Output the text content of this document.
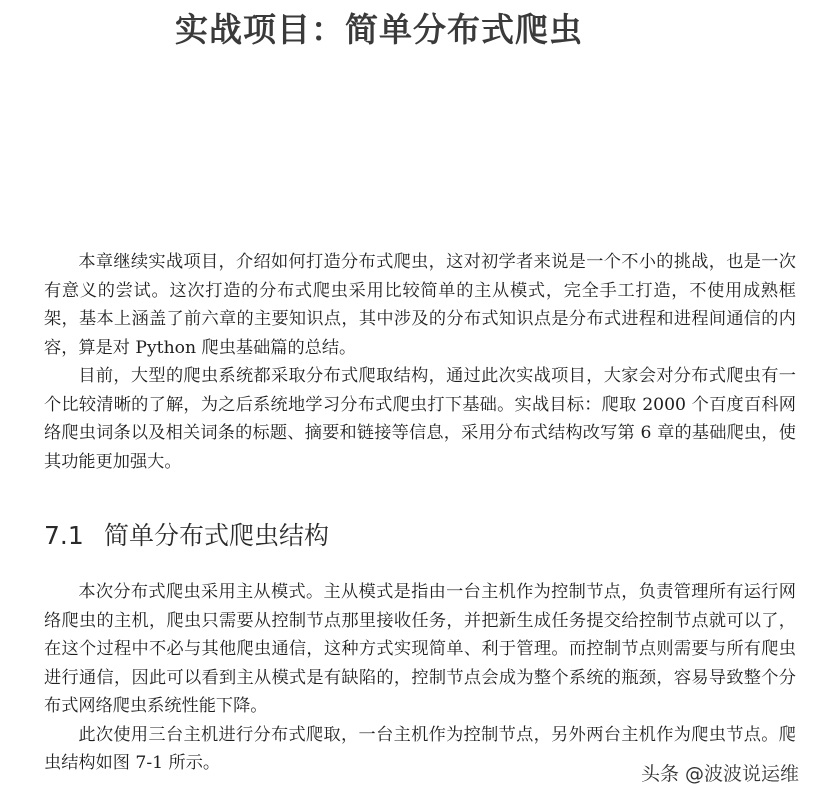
实战项目：简单分布式爬虫

本章继续实战项目，介绍如何打造分布式爬虫，这对初学者来说是一个不小的挑战，也是一次有意义的尝试。这次打造的分布式爬虫采用比较简单的主从模式，完全手工打造，不使用成熟框架，基本上涵盖了前六章的主要知识点，其中涉及的分布式知识点是分布式进程和进程间通信的内容，算是对 Python 爬虫基础篇的总结。

目前，大型的爬虫系统都采取分布式爬取结构，通过此次实战项目，大家会对分布式爬虫有一个比较清晰的了解，为之后系统地学习分布式爬虫打下基础。实战目标：爬取 2000 个百度百科网络爬虫词条以及相关词条的标题、摘要和链接等信息，采用分布式结构改写第 6 章的基础爬虫，使其功能更加强大。

7.1 简单分布式爬虫结构

本次分布式爬虫采用主从模式。主从模式是指由一台主机作为控制节点，负责管理所有运行网络爬虫的主机，爬虫只需要从控制节点那里接收任务，并把新生成任务提交给控制节点就可以了，在这个过程中不必与其他爬虫通信，这种方式实现简单、利于管理。而控制节点则需要与所有爬虫进行通信，因此可以看到主从模式是有缺陷的，控制节点会成为整个系统的瓶颈，容易导致整个分布式网络爬虫系统性能下降。

此次使用三台主机进行分布式爬取，一台主机作为控制节点，另外两台主机作为爬虫节点。爬虫结构如图 7-1 所示。	头条 @波波说运维
